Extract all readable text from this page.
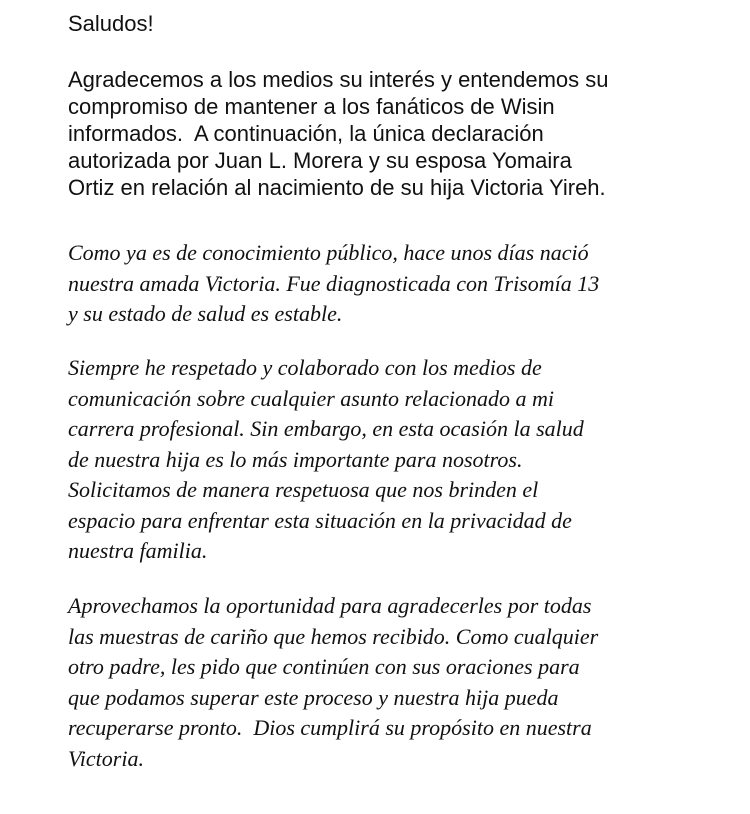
Saludos!

Agradecemos a los medios su interés y entendemos su
compromiso de mantener a los fanáticos de Wisin
informados.  A continuación, la única declaración
autorizada por Juan L. Morera y su esposa Yomaira
Ortiz en relación al nacimiento de su hija Victoria Yireh.

Como ya es de conocimiento público, hace unos días nació
nuestra amada Victoria. Fue diagnosticada con Trisomía 13
y su estado de salud es estable.

Siempre he respetado y colaborado con los medios de
comunicación sobre cualquier asunto relacionado a mi
carrera profesional. Sin embargo, en esta ocasión la salud
de nuestra hija es lo más importante para nosotros.
Solicitamos de manera respetuosa que nos brinden el
espacio para enfrentar esta situación en la privacidad de
nuestra familia.

Aprovechamos la oportunidad para agradecerles por todas
las muestras de cariño que hemos recibido. Como cualquier
otro padre, les pido que continúen con sus oraciones para
que podamos superar este proceso y nuestra hija pueda
recuperarse pronto.  Dios cumplirá su propósito en nuestra
Victoria.
